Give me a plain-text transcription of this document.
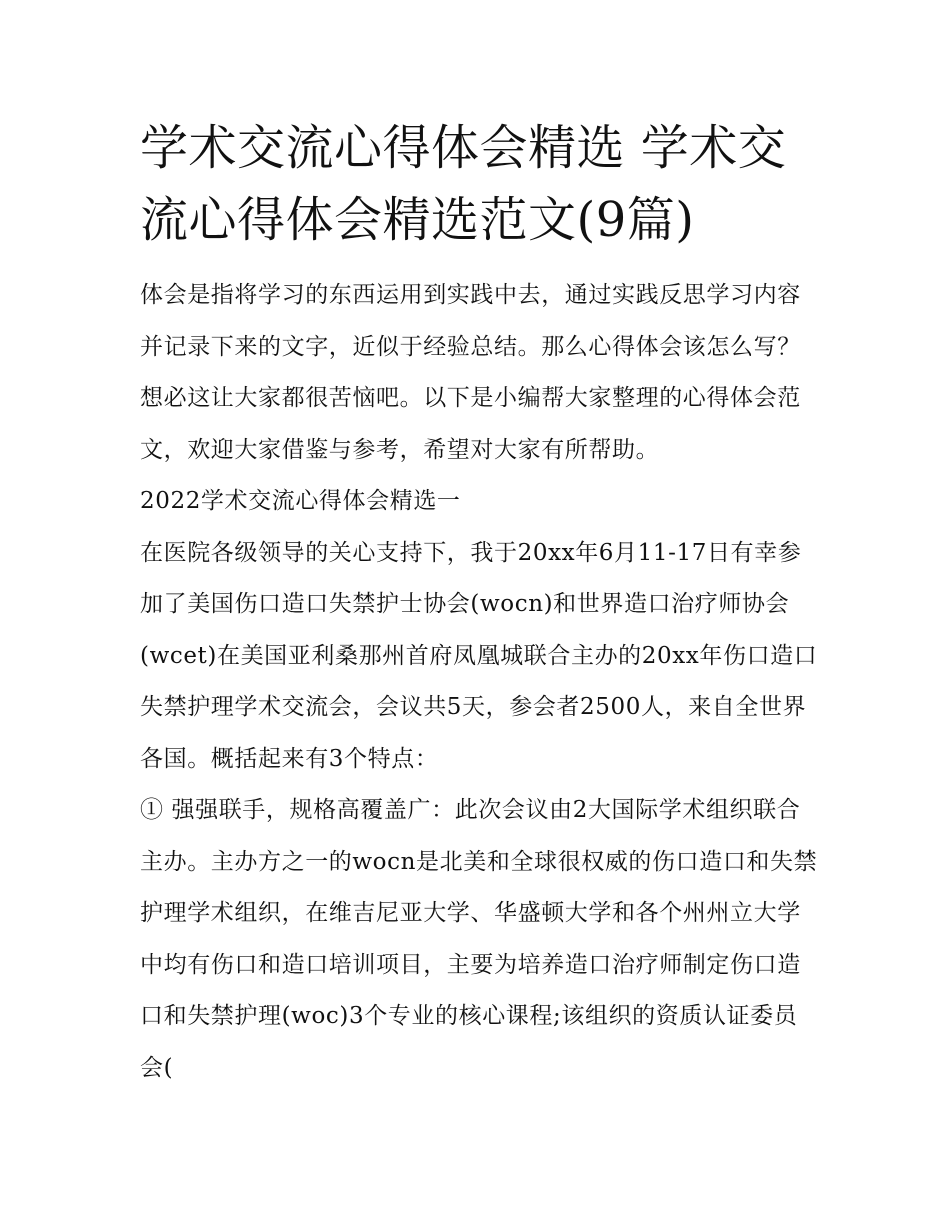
学术交流心得体会精选 学术交流心得体会精选范文(9篇)

体会是指将学习的东西运用到实践中去，通过实践反思学习内容并记录下来的文字，近似于经验总结。那么心得体会该怎么写？想必这让大家都很苦恼吧。以下是小编帮大家整理的心得体会范文，欢迎大家借鉴与参考，希望对大家有所帮助。

2022学术交流心得体会精选一

在医院各级领导的关心支持下，我于20xx年6月11-17日有幸参加了美国伤口造口失禁护士协会(wocn)和世界造口治疗师协会(wcet)在美国亚利桑那州首府凤凰城联合主办的20xx年伤口造口失禁护理学术交流会，会议共5天，参会者2500人，来自全世界各国。概括起来有3个特点：

① 强强联手，规格高覆盖广：此次会议由2大国际学术组织联合主办。主办方之一的wocn是北美和全球很权威的伤口造口和失禁护理学术组织，在维吉尼亚大学、华盛顿大学和各个州州立大学中均有伤口和造口培训项目，主要为培养造口治疗师制定伤口造口和失禁护理(woc)3个专业的核心课程;该组织的资质认证委员会(
